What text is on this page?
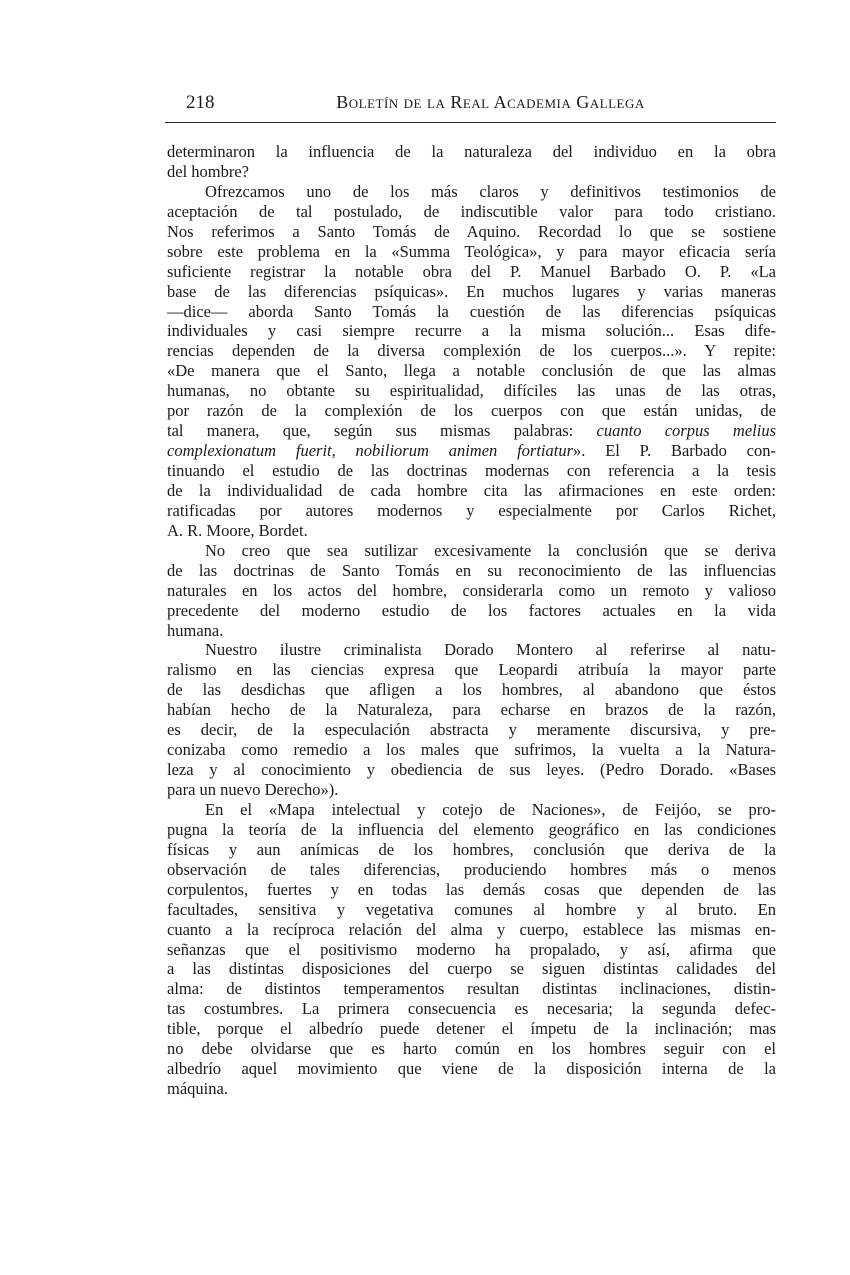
218	Boletín de la Real Academia Gallega
determinaron la influencia de la naturaleza del individuo en la obra
del hombre?
Ofrezcamos uno de los más claros y definitivos testimonios de
aceptación de tal postulado, de indiscutible valor para todo cristiano.
Nos referimos a Santo Tomás de Aquino. Recordad lo que se sostiene
sobre este problema en la «Summa Teológica», y para mayor eficacia sería
suficiente registrar la notable obra del P. Manuel Barbado O. P. «La
base de las diferencias psíquicas». En muchos lugares y varias maneras
—dice— aborda Santo Tomás la cuestión de las diferencias psíquicas
individuales y casi siempre recurre a la misma solución... Esas dife-
rencias dependen de la diversa complexión de los cuerpos...». Y repite:
«De manera que el Santo, llega a notable conclusión de que las almas
humanas, no obtante su espiritualidad, difíciles las unas de las otras,
por razón de la complexión de los cuerpos con que están unidas, de
tal manera, que, según sus mismas palabras: cuanto corpus melius
complexionatum fuerit, nobiliorum animen fortiatur». El P. Barbado con-
tinuando el estudio de las doctrinas modernas con referencia a la tesis
de la individualidad de cada hombre cita las afirmaciones en este orden:
ratificadas por autores modernos y especialmente por Carlos Richet,
A. R. Moore, Bordet.
No creo que sea sutilizar excesivamente la conclusión que se deriva
de las doctrinas de Santo Tomás en su reconocimiento de las influencias
naturales en los actos del hombre, considerarla como un remoto y valioso
precedente del moderno estudio de los factores actuales en la vida
humana.
Nuestro ilustre criminalista Dorado Montero al referirse al natu-
ralismo en las ciencias expresa que Leopardi atribuía la mayor parte
de las desdichas que afligen a los hombres, al abandono que éstos
habían hecho de la Naturaleza, para echarse en brazos de la razón,
es decir, de la especulación abstracta y meramente discursiva, y pre-
conizaba como remedio a los males que sufrimos, la vuelta a la Natura-
leza y al conocimiento y obediencia de sus leyes. (Pedro Dorado. «Bases
para un nuevo Derecho»).
En el «Mapa intelectual y cotejo de Naciones», de Feijóo, se pro-
pugna la teoría de la influencia del elemento geográfico en las condiciones
físicas y aun anímicas de los hombres, conclusión que deriva de la
observación de tales diferencias, produciendo hombres más o menos
corpulentos, fuertes y en todas las demás cosas que dependen de las
facultades, sensitiva y vegetativa comunes al hombre y al bruto. En
cuanto a la recíproca relación del alma y cuerpo, establece las mismas en-
señanzas que el positivismo moderno ha propalado, y así, afirma que
a las distintas disposiciones del cuerpo se siguen distintas calidades del
alma: de distintos temperamentos resultan distintas inclinaciones, distin-
tas costumbres. La primera consecuencia es necesaria; la segunda defec-
tible, porque el albedrío puede detener el ímpetu de la inclinación; mas
no debe olvidarse que es harto común en los hombres seguir con el
albedrío aquel movimiento que viene de la disposición interna de la
máquina.
